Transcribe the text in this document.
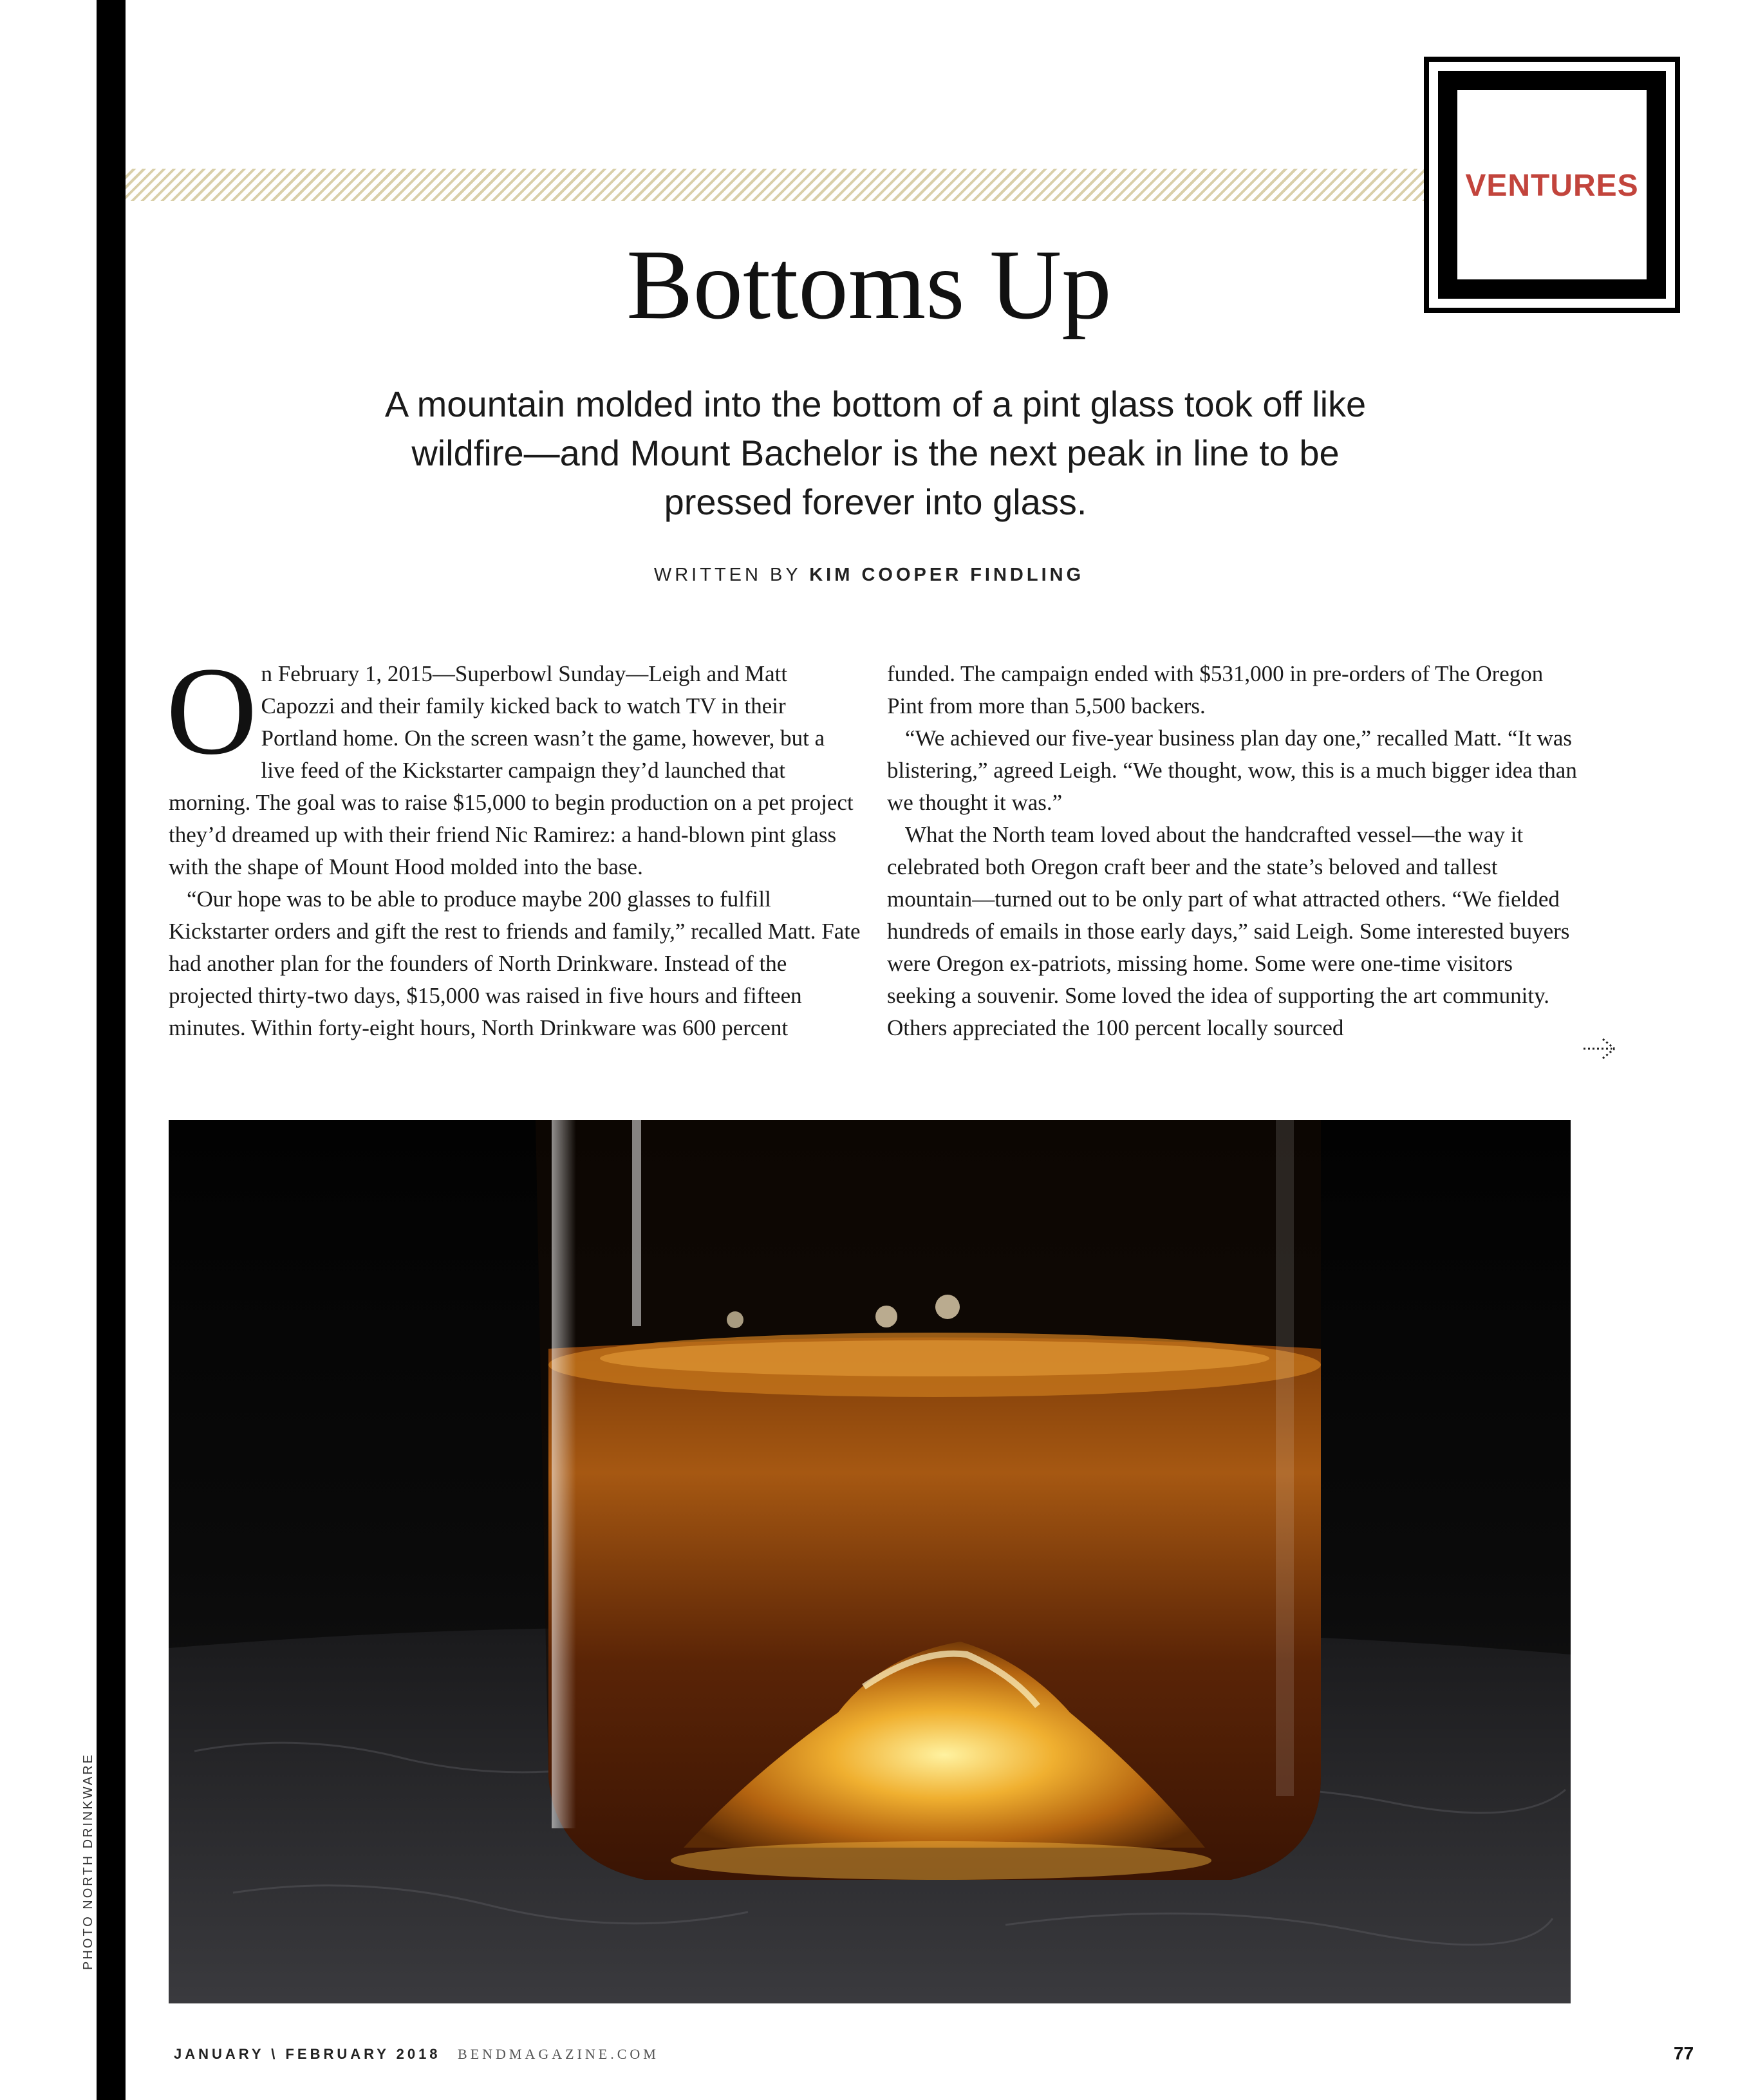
VENTURES
Bottoms Up
A mountain molded into the bottom of a pint glass took off like wildfire—and Mount Bachelor is the next peak in line to be pressed forever into glass.
WRITTEN BY KIM COOPER FINDLING

On February 1, 2015—Superbowl Sunday—Leigh and Matt Capozzi and their family kicked back to watch TV in their Portland home. On the screen wasn’t the game, however, but a live feed of the Kickstarter campaign they’d launched that morning. The goal was to raise $15,000 to begin production on a pet project they’d dreamed up with their friend Nic Ramirez: a hand-blown pint glass with the shape of Mount Hood molded into the base.

“Our hope was to be able to produce maybe 200 glasses to fulfill Kickstarter orders and gift the rest to friends and family,” recalled Matt. Fate had another plan for the founders of North Drinkware. Instead of the projected thirty-two days, $15,000 was raised in five hours and fifteen minutes. Within forty-eight hours, North Drinkware was 600 percent

funded. The campaign ended with $531,000 in pre-orders of The Oregon Pint from more than 5,500 backers.

“We achieved our five-year business plan day one,” recalled Matt. “It was blistering,” agreed Leigh. “We thought, wow, this is a much bigger idea than we thought it was.”

What the North team loved about the handcrafted vessel—the way it celebrated both Oregon craft beer and the state’s beloved and tallest mountain—turned out to be only part of what attracted others. “We fielded hundreds of emails in those early days,” said Leigh. Some interested buyers were Oregon ex-patriots, missing home. Some were one-time visitors seeking a souvenir. Some loved the idea of supporting the art community. Others appreciated the 100 percent locally sourced

PHOTO NORTH DRINKWARE
JANUARY \ FEBRUARY 2018 BENDMAGAZINE.COM	77
